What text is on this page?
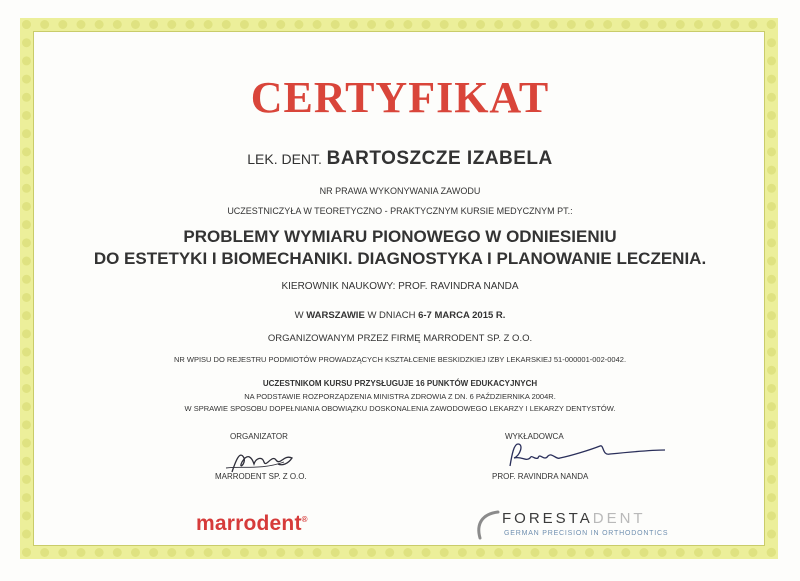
CERTYFIKAT
LEK. DENT. BARTOSZCZE IZABELA
NR PRAWA WYKONYWANIA ZAWODU
UCZESTNICZYŁA W TEORETYCZNO - PRAKTYCZNYM KURSIE MEDYCZNYM PT.:
PROBLEMY WYMIARU PIONOWEGO W ODNIESIENIU
DO ESTETYKI I BIOMECHANIKI. DIAGNOSTYKA I PLANOWANIE LECZENIA.
KIEROWNIK NAUKOWY: PROF. RAVINDRA NANDA
W WARSZAWIE W DNIACH 6-7 MARCA 2015 R.
ORGANIZOWANYM PRZEZ FIRMĘ MARRODENT SP. Z O.O.
NR WPISU DO REJESTRU PODMIOTÓW PROWADZĄCYCH KSZTAŁCENIE BESKIDZKIEJ IZBY LEKARSKIEJ 51-000001-002-0042.
UCZESTNIKOM KURSU PRZYSŁUGUJE 16 PUNKTÓW EDUKACYJNYCH
NA PODSTAWIE ROZPORZĄDZENIA MINISTRA ZDROWIA Z DN. 6 PAŹDZIERNIKA 2004R.
W SPRAWIE SPOSOBU DOPEŁNIANIA OBOWIĄZKU DOSKONALENIA ZAWODOWEGO LEKARZY I LEKARZY DENTYSTÓW.
ORGANIZATOR
MARRODENT SP. Z O.O.
WYKŁADOWCA
PROF. RAVINDRA NANDA
marrodent®	FORESTADENT
GERMAN PRECISION IN ORTHODONTICS
